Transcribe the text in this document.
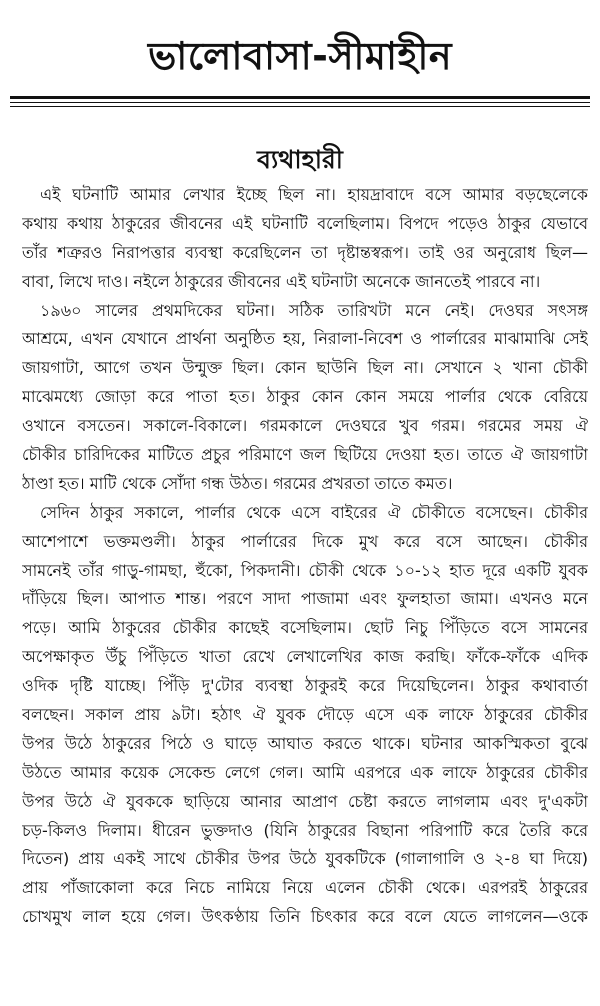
ভালোবাসা-সীমাহীন
ব্যথাহারী
এই ঘটনাটি আমার লেখার ইচ্ছে ছিল না। হায়দ্রাবাদে বসে আমার বড়ছেলেকে
কথায় কথায় ঠাকুরের জীবনের এই ঘটনাটি বলেছিলাম। বিপদে পড়েও ঠাকুর যেভাবে
তাঁর শত্রুরও নিরাপত্তার ব্যবস্থা করেছিলেন তা দৃষ্টান্তস্বরূপ। তাই ওর অনুরোধ ছিল—
বাবা, লিখে দাও। নইলে ঠাকুরের জীবনের এই ঘটনাটা অনেকে জানতেই পারবে না।
১৯৬০ সালের প্রথমদিকের ঘটনা। সঠিক তারিখটা মনে নেই। দেওঘর সৎসঙ্গ
আশ্রমে, এখন যেখানে প্রার্থনা অনুষ্ঠিত হয়, নিরালা-নিবেশ ও পার্লারের মাঝামাঝি সেই
জায়গাটা, আগে তখন উন্মুক্ত ছিল। কোন ছাউনি ছিল না। সেখানে ২ খানা চৌকী
মাঝেমধ্যে জোড়া করে পাতা হত। ঠাকুর কোন কোন সময়ে পার্লার থেকে বেরিয়ে
ওখানে বসতেন। সকালে-বিকালে। গরমকালে দেওঘরে খুব গরম। গরমের সময় ঐ
চৌকীর চারিদিকের মাটিতে প্রচুর পরিমাণে জল ছিটিয়ে দেওয়া হত। তাতে ঐ জায়গাটা
ঠাণ্ডা হত। মাটি থেকে সোঁদা গন্ধ উঠত। গরমের প্রখরতা তাতে কমত।
সেদিন ঠাকুর সকালে, পার্লার থেকে এসে বাইরের ঐ চৌকীতে বসেছেন। চৌকীর
আশেপাশে ভক্তমণ্ডলী। ঠাকুর পার্লারের দিকে মুখ করে বসে আছেন। চৌকীর
সামনেই তাঁর গাড়ু-গামছা, হুঁকো, পিকদানী। চৌকী থেকে ১০-১২ হাত দূরে একটি যুবক
দাঁড়িয়ে ছিল। আপাত শান্ত। পরণে সাদা পাজামা এবং ফুলহাতা জামা। এখনও মনে
পড়ে। আমি ঠাকুরের চৌকীর কাছেই বসেছিলাম। ছোট নিচু পিঁড়িতে বসে সামনের
অপেক্ষাকৃত উঁচু পিঁড়িতে খাতা রেখে লেখালেখির কাজ করছি। ফাঁকে-ফাঁকে এদিক
ওদিক দৃষ্টি যাচ্ছে। পিঁড়ি দু'টোর ব্যবস্থা ঠাকুরই করে দিয়েছিলেন। ঠাকুর কথাবার্তা
বলছেন। সকাল প্রায় ৯টা। হঠাৎ ঐ যুবক দৌড়ে এসে এক লাফে ঠাকুরের চৌকীর
উপর উঠে ঠাকুরের পিঠে ও ঘাড়ে আঘাত করতে থাকে। ঘটনার আকস্মিকতা বুঝে
উঠতে আমার কয়েক সেকেন্ড লেগে গেল। আমি এরপরে এক লাফে ঠাকুরের চৌকীর
উপর উঠে ঐ যুবককে ছাড়িয়ে আনার আপ্রাণ চেষ্টা করতে লাগলাম এবং দু'একটা
চড়-কিলও দিলাম। ধীরেন ভুক্তদাও (যিনি ঠাকুরের বিছানা পরিপাটি করে তৈরি করে
দিতেন) প্রায় একই সাথে চৌকীর উপর উঠে যুবকটিকে (গালাগালি ও ২-৪ ঘা দিয়ে)
প্রায় পাঁজাকোলা করে নিচে নামিয়ে নিয়ে এলেন চৌকী থেকে। এরপরই ঠাকুরের
চোখমুখ লাল হয়ে গেল। উৎকণ্ঠায় তিনি চিৎকার করে বলে যেতে লাগলেন—ওকে
